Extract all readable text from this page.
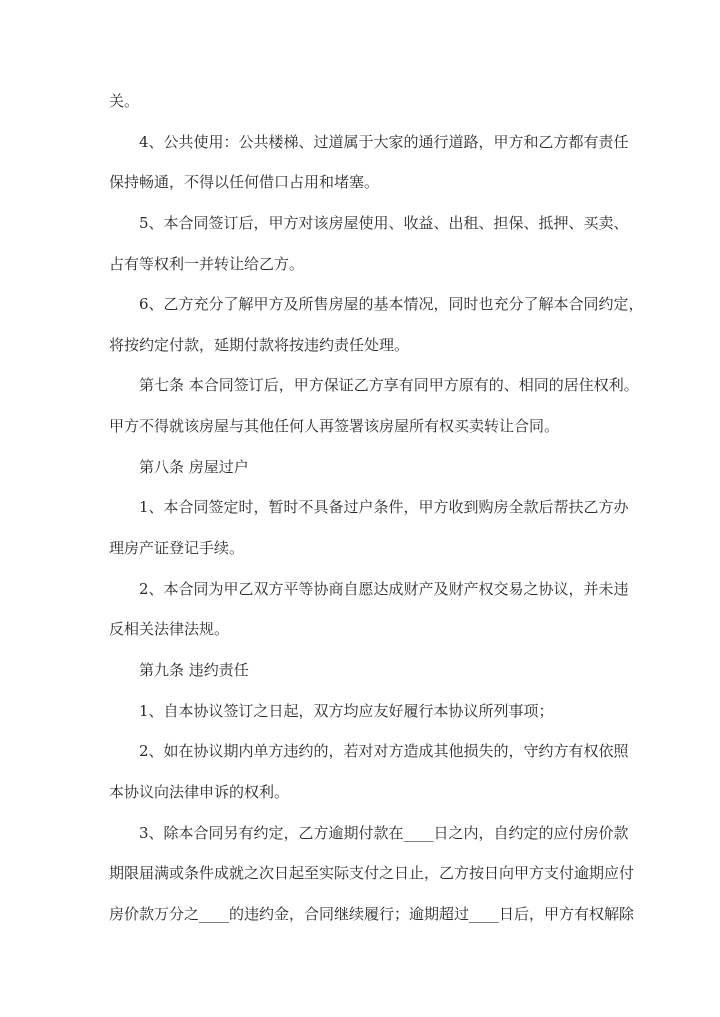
关。
4、公共使用：公共楼梯、过道属于大家的通行道路，甲方和乙方都有责任
保持畅通，不得以任何借口占用和堵塞。
5、本合同签订后，甲方对该房屋使用、收益、出租、担保、抵押、买卖、
占有等权利一并转让给乙方。
6、乙方充分了解甲方及所售房屋的基本情况，同时也充分了解本合同约定，
将按约定付款，延期付款将按违约责任处理。
第七条 本合同签订后，甲方保证乙方享有同甲方原有的、相同的居住权利。
甲方不得就该房屋与其他任何人再签署该房屋所有权买卖转让合同。
第八条 房屋过户
1、本合同签定时，暂时不具备过户条件，甲方收到购房全款后帮扶乙方办
理房产证登记手续。
2、本合同为甲乙双方平等协商自愿达成财产及财产权交易之协议，并未违
反相关法律法规。
第九条 违约责任
1、自本协议签订之日起，双方均应友好履行本协议所列事项；
2、如在协议期内单方违约的，若对对方造成其他损失的，守约方有权依照
本协议向法律申诉的权利。
3、除本合同另有约定，乙方逾期付款在____日之内，自约定的应付房价款
期限届满或条件成就之次日起至实际支付之日止，乙方按日向甲方支付逾期应付
房价款万分之____的违约金，合同继续履行；逾期超过____日后，甲方有权解除
